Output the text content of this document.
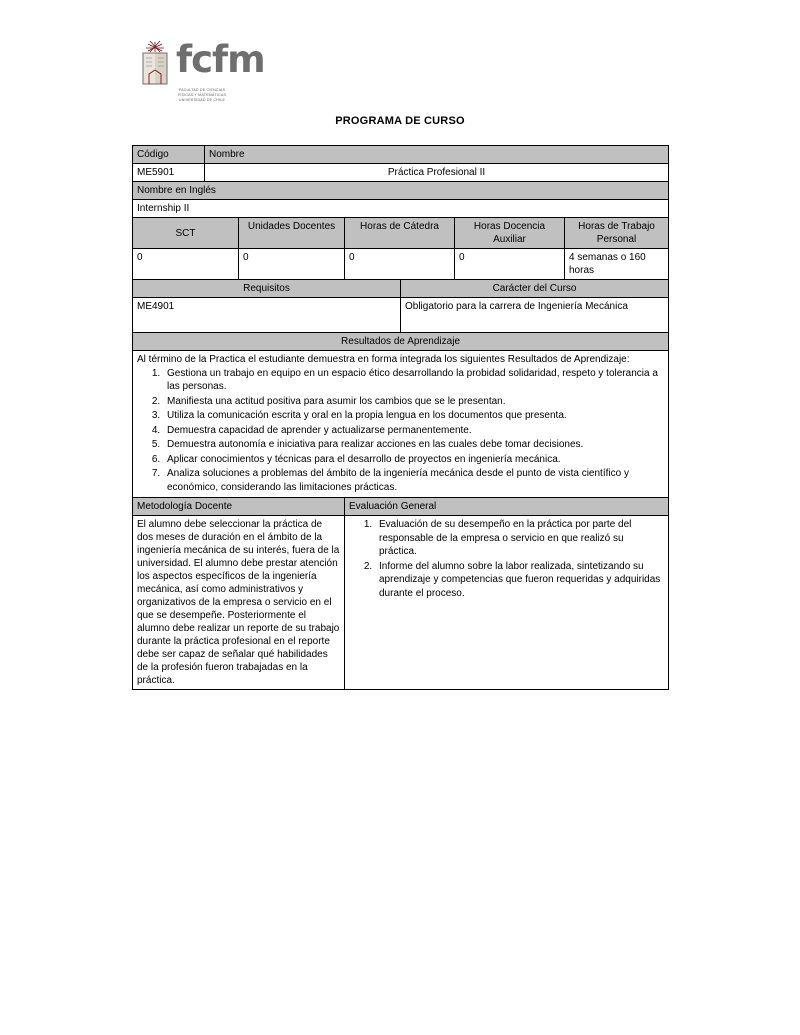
fcfm
FACULTAD DE CIENCIAS
FÍSICAS Y MATEMÁTICAS
UNIVERSIDAD DE CHILE
PROGRAMA DE CURSO
Código	Nombre					
ME5901	Práctica Profesional II					
Nombre en Inglés						
Internship II						
SCT		Unidades Docentes	Horas de Cátedra		Horas Docencia Auxiliar	Horas de Trabajo Personal
0		0	0		0	4 semanas o 160 horas
Requisitos				Carácter del Curso		
ME4901				Obligatorio para la carrera de Ingeniería Mecánica		
Resultados de Aprendizaje						

Al término de la Practica el estudiante demuestra en forma integrada los siguientes Resultados de Aprendizaje:

1. Gestiona un trabajo en equipo en un espacio ético desarrollando la probidad solidaridad, respeto y tolerancia a las personas.
2. Manifiesta una actitud positiva para asumir los cambios que se le presentan.
3. Utiliza la comunicación escrita y oral en la propia lengua en los documentos que presenta.
4. Demuestra capacidad de aprender y actualizarse permanentemente.
5. Demuestra autonomía e iniciativa para realizar acciones en las cuales debe tomar decisiones.
6. Aplicar conocimientos y técnicas para el desarrollo de proyectos en ingeniería mecánica.
7. Analiza soluciones a problemas del ámbito de la ingeniería mecánica desde el punto de vista científico y económico, considerando las limitaciones prácticas.

Metodología Docente			Evaluación General			
El alumno debe seleccionar la práctica de dos meses de duración en el ámbito de la ingeniería mecánica de su interés, fuera de la universidad. El alumno debe prestar atención los aspectos específicos de la ingeniería mecánica, así como administrativos y organizativos de la empresa o servicio en el que se desempeñe. Posteriormente el alumno debe realizar un reporte de su trabajo durante la práctica profesional en el reporte debe ser capaz de señalar qué habilidades de la profesión fueron trabajadas en la práctica.	
1. Evaluación de su desempeño en la práctica por parte del responsable de la empresa o servicio en que realizó su práctica.
2. Informe del alumno sobre la labor realizada, sintetizando su aprendizaje y competencias que fueron requeridas y adquiridas durante el proceso.
